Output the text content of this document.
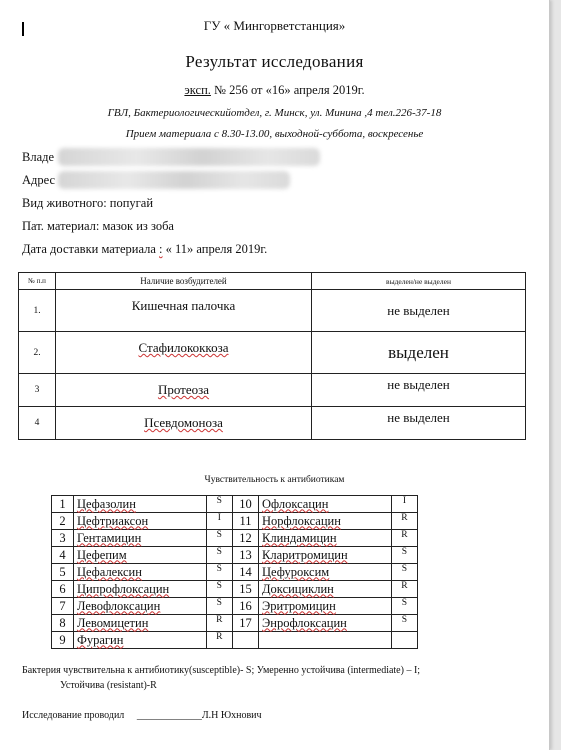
ГУ « Мингорветстанция»
Результат исследования
эксп. № 256 от «16» апреля 2019г.
ГВЛ, Бактериологическийотдел, г. Минск, ул. Минина ,4 тел.226-37-18
Прием материала с 8.30-13.00, выходной-суббота, воскресенье
Владе
Адрес
Вид животного: попугай
Пат. материал: мазок из зоба
Дата доставки материала : « 11» апреля 2019г.
№ п.п	Наличие возбудителей	выделен/не выделен
1.	Кишечная палочка	не выделен
2.	Стафилококкоза	выделен
3	Протеоза	не выделен
4	Псевдомоноза	не выделен
Чувствительность к антибиотикам
1	Цефазолин	S	10	Офлоксацин	I
2	Цефтриаксон	I	11	Норфлоксацин	R
3	Гентамицин	S	12	Клиндамицин	R
4	Цефепим	S	13	Кларитромицин	S
5	Цефалексин	S	14	Цефуроксим	S
6	Ципрофлоксацин	S	15	Доксициклин	R
7	Левофлоксацин	S	16	Эритромицин	S
8	Левомицетин	R	17	Энрофлоксацин	S
9	Фурагин	R			
Бактерия чувствительна к антибиотику(susceptible)- S; Умеренно устойчива (intermediate) – I;
Устойчива (resistant)-R
Исследование проводил _____________Л.Н Юхнович
